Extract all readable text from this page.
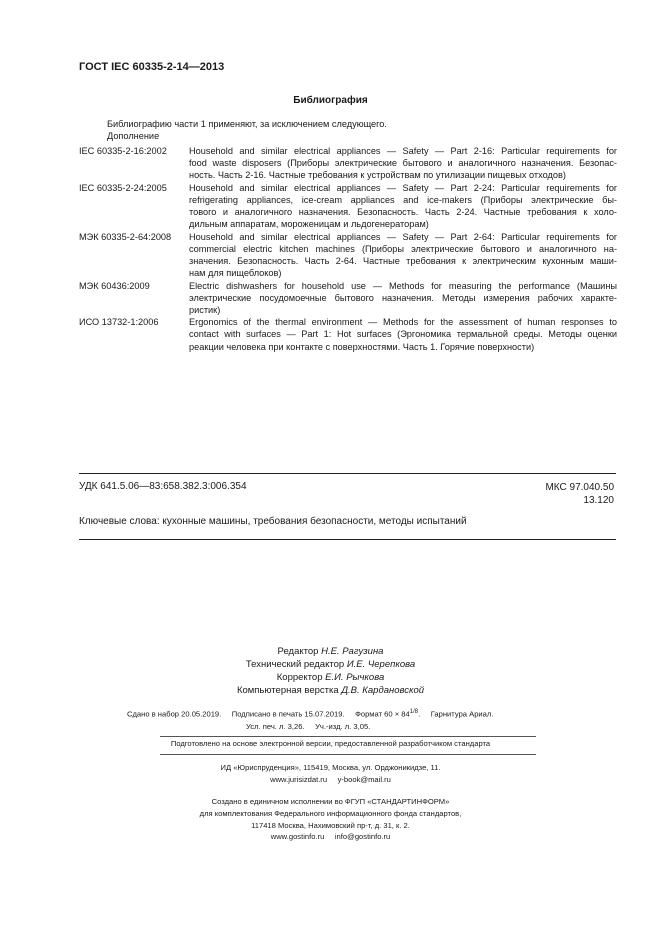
ГОСТ IEC 60335-2-14—2013
Библиография
Библиографию части 1 применяют, за исключением следующего.
Дополнение
IEC 60335-2-16:2002	Household and similar electrical appliances — Safety — Part 2-16: Particular requirements for
food waste disposers (Приборы электрические бытового и аналогичного назначения. Безопас-
ность. Часть 2-16. Частные требования к устройствам по утилизации пищевых отходов)
IEC 60335-2-24:2005	Household and similar electrical appliances — Safety — Part 2-24: Particular requirements for
refrigerating appliances, ice-cream appliances and ice-makers (Приборы электрические бы-
тового и аналогичного назначения. Безопасность. Часть 2-24. Частные требования к холо-
дильным аппаратам, мороженицам и льдогенераторам)
МЭК 60335-2-64:2008	Household and similar electrical appliances — Safety — Part 2-64: Particular requirements for
commercial electric kitchen machines (Приборы электрические бытового и аналогичного на-
значения. Безопасность. Часть 2-64. Частные требования к электрическим кухонным маши-
нам для пищеблоков)
МЭК 60436:2009	Electric dishwashers for household use — Methods for measuring the performance (Машины
электрические посудомоечные бытового назначения. Методы измерения рабочих характе-
ристик)
ИСО 13732-1:2006	Ergonomics of the thermal environment — Methods for the assessment of human responses to
contact with surfaces — Part 1: Hot surfaces (Эргономика термальной среды. Методы оценки
реакции человека при контакте с поверхностями. Часть 1. Горячие поверхности)
УДК 641.5.06—83:658.382.3:006.354	МКС 97.040.50
13.120
Ключевые слова: кухонные машины, требования безопасности, методы испытаний
Редактор Н.Е. Рагузина
Технический редактор И.Е. Черепкова
Корректор Е.И. Рычкова
Компьютерная верстка Д.В. Кардановской
Сдано в набор 20.05.2019.     Подписано в печать 15.07.2019.     Формат $60 \times 84^{1/8}$.     Гарнитура Ариал.
Усл. печ. л. 3,26.     Уч.-изд. л. 3,05.
Подготовлено на основе электронной версии, предоставленной разработчиком стандарта
ИД «Юриспруденция», 115419, Москва, ул. Орджоникидзе, 11.
www.jurisizdat.ru     y-book@mail.ru
Создано в единичном исполнении во ФГУП «СТАНДАРТИНФОРМ»
для комплектования Федерального информационного фонда стандартов,
117418 Москва, Нахимовский пр-т, д. 31, к. 2.
www.gostinfo.ru     info@gostinfo.ru
